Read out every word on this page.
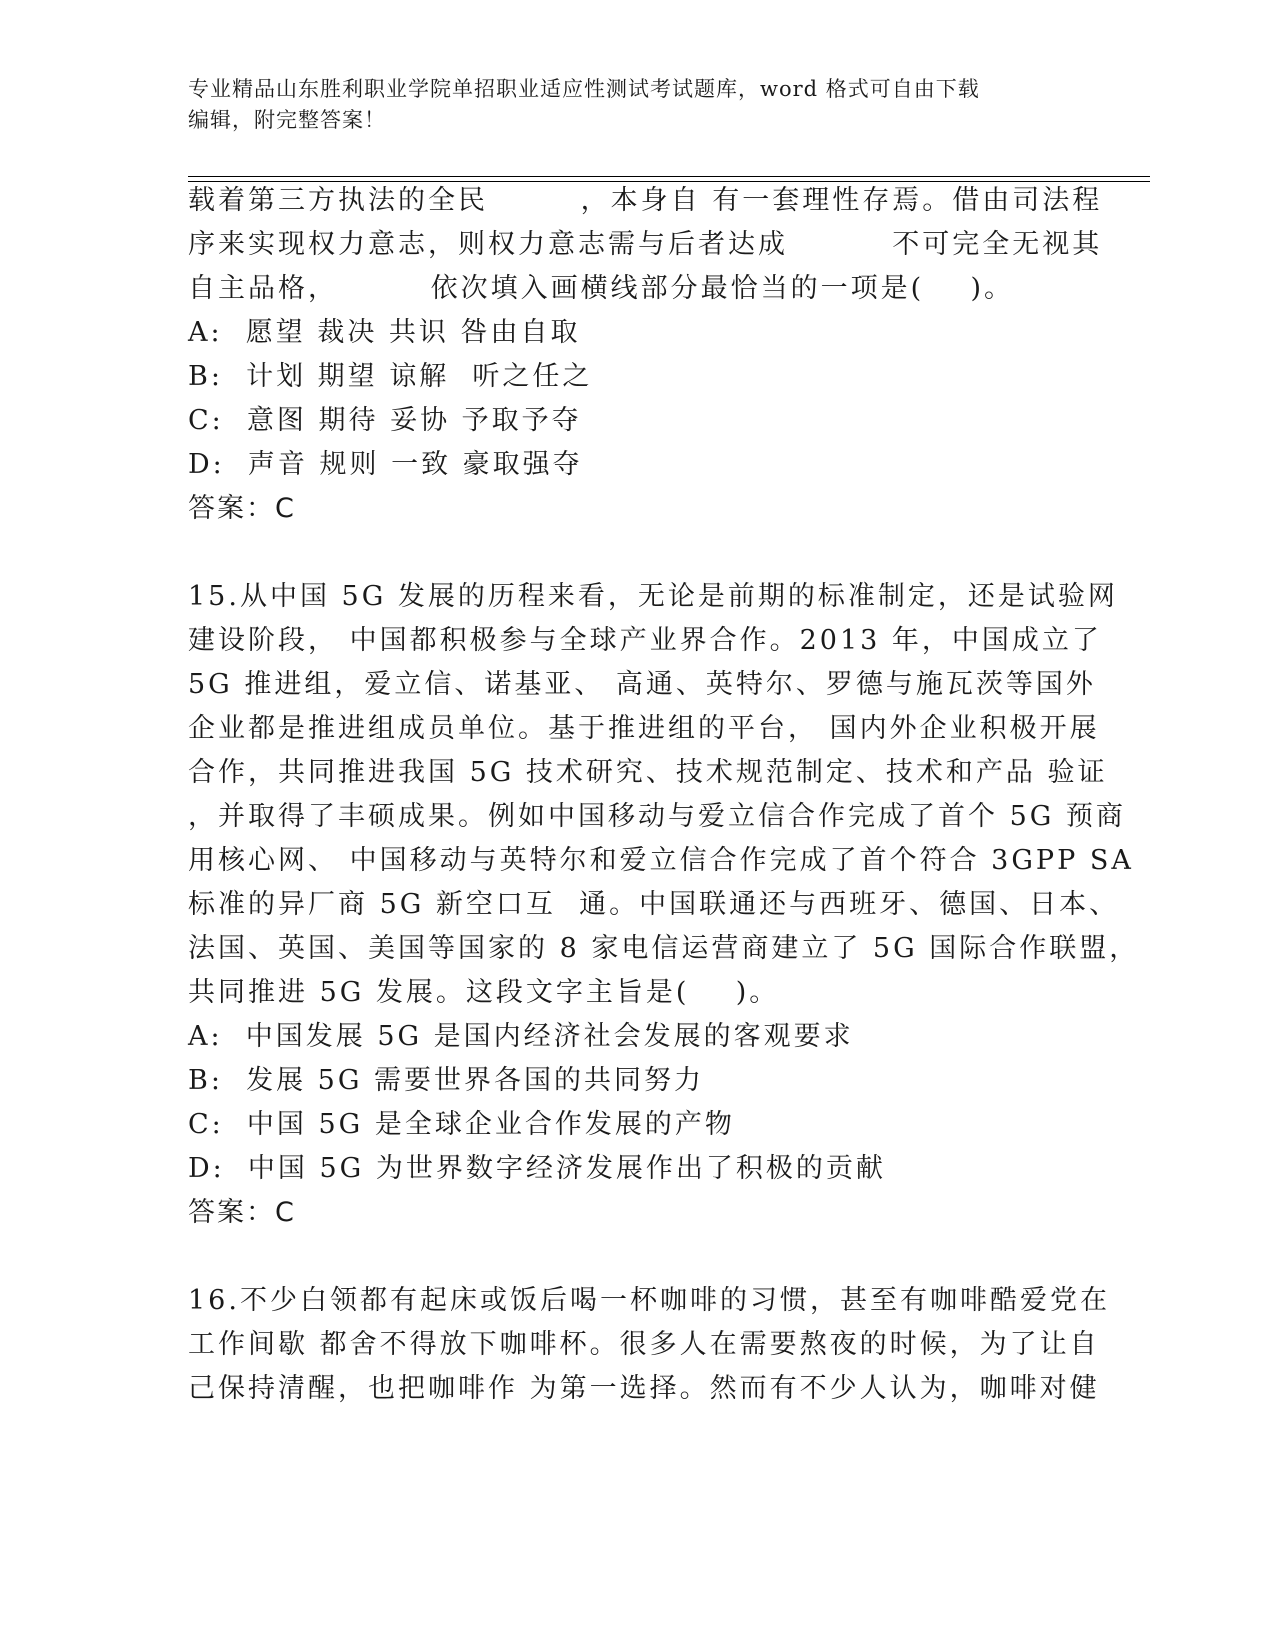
专业精品山东胜利职业学院单招职业适应性测试考试题库，word 格式可自由下载
编辑，附完整答案！
载着第三方执法的全民        ，本身自 有一套理性存焉。借由司法程
序来实现权力意志，则权力意志需与后者达成         不可完全无视其
自主品格，        依次填入画横线部分最恰当的一项是(    )。
A:  愿望 裁决 共识 咎由自取
B:  计划 期望 谅解  听之任之
C:  意图 期待 妥协 予取予夺
D:  声音 规则 一致 豪取强夺
答案：C
15.从中国 5G 发展的历程来看，无论是前期的标准制定，还是试验网
建设阶段， 中国都积极参与全球产业界合作。2013 年，中国成立了
5G 推进组，爱立信、诺基亚、 高通、英特尔、罗德与施瓦茨等国外
企业都是推进组成员单位。基于推进组的平台， 国内外企业积极开展
合作，共同推进我国 5G 技术研究、技术规范制定、技术和产品 验证
，并取得了丰硕成果。例如中国移动与爱立信合作完成了首个 5G 预商
用核心网、 中国移动与英特尔和爱立信合作完成了首个符合 3GPP SA
标准的异厂商 5G 新空口互  通。中国联通还与西班牙、德国、日本、
法国、英国、美国等国家的 8 家电信运营商建立了 5G 国际合作联盟，
共同推进 5G 发展。这段文字主旨是(    )。
A:  中国发展 5G 是国内经济社会发展的客观要求
B:  发展 5G 需要世界各国的共同努力
C:  中国 5G 是全球企业合作发展的产物
D:  中国 5G 为世界数字经济发展作出了积极的贡献
答案：C
16.不少白领都有起床或饭后喝一杯咖啡的习惯，甚至有咖啡酷爱党在
工作间歇 都舍不得放下咖啡杯。很多人在需要熬夜的时候，为了让自
己保持清醒，也把咖啡作 为第一选择。然而有不少人认为，咖啡对健
